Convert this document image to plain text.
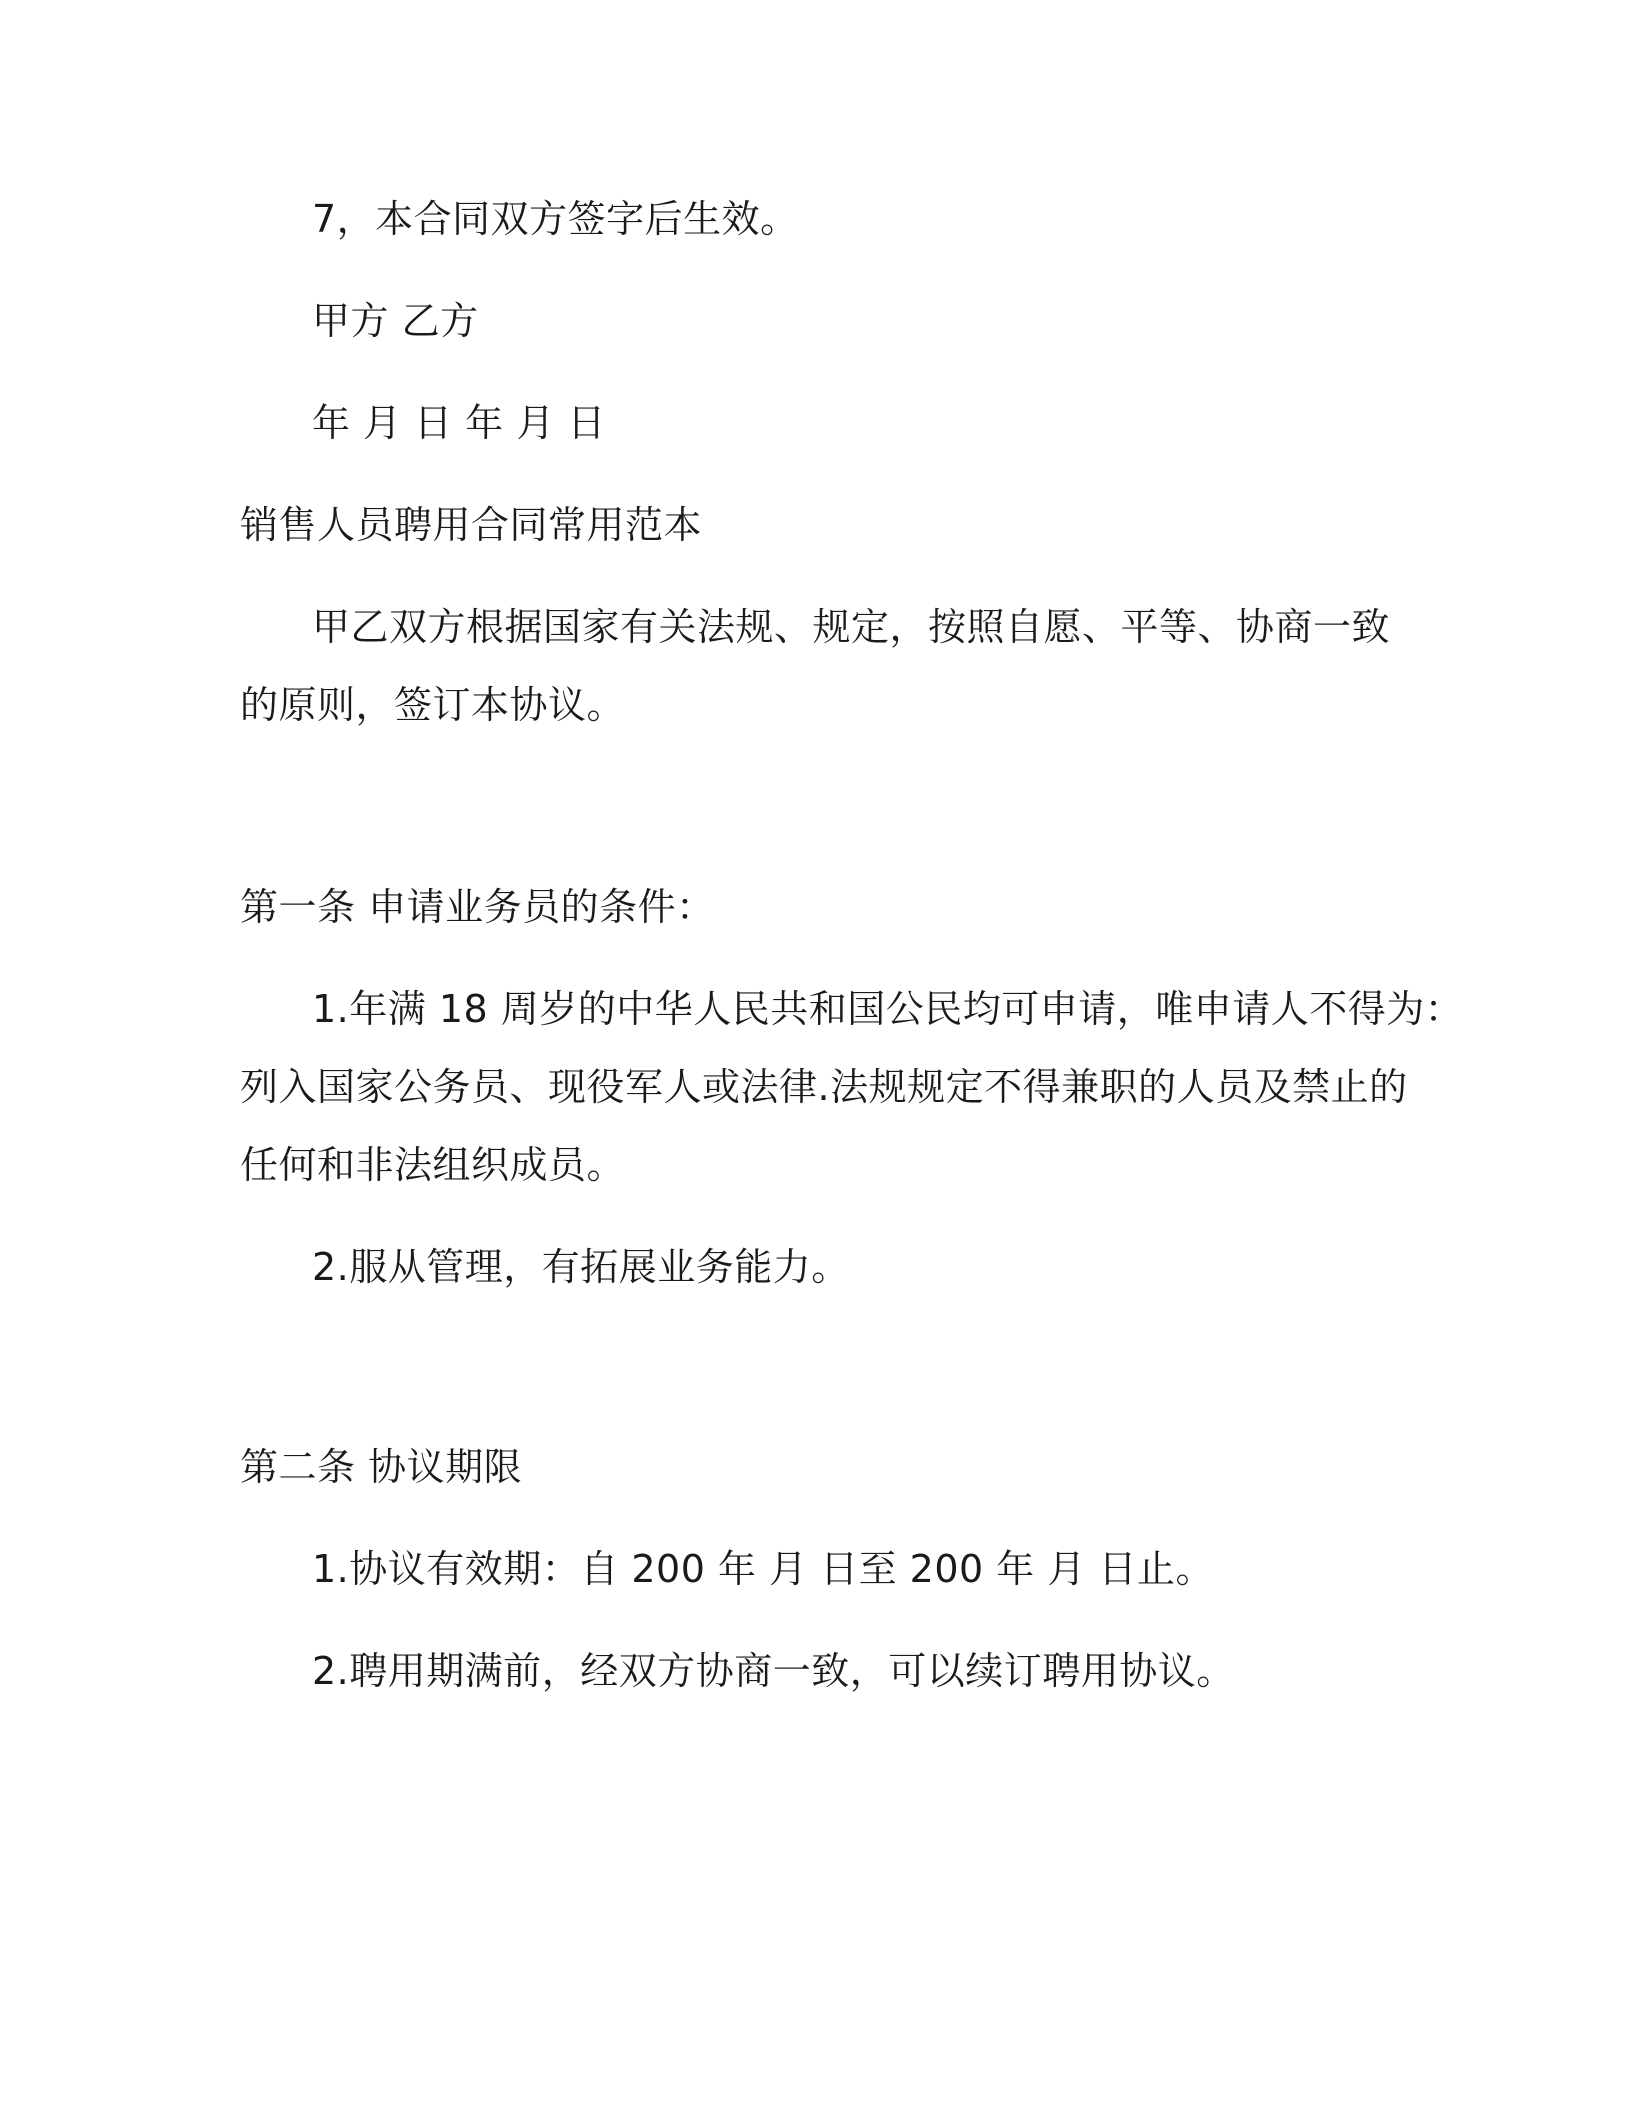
7，本合同双方签字后生效。
甲方 乙方
年 月 日 年 月 日
销售人员聘用合同常用范本
甲乙双方根据国家有关法规、规定，按照自愿、平等、协商一致
的原则，签订本协议。
第一条 申请业务员的条件：
1.年满 18 周岁的中华人民共和国公民均可申请，唯申请人不得为：
列入国家公务员、现役军人或法律.法规规定不得兼职的人员及禁止的
任何和非法组织成员。
2.服从管理，有拓展业务能力。
第二条 协议期限
1.协议有效期：自 200 年 月 日至 200 年 月 日止。
2.聘用期满前，经双方协商一致，可以续订聘用协议。
